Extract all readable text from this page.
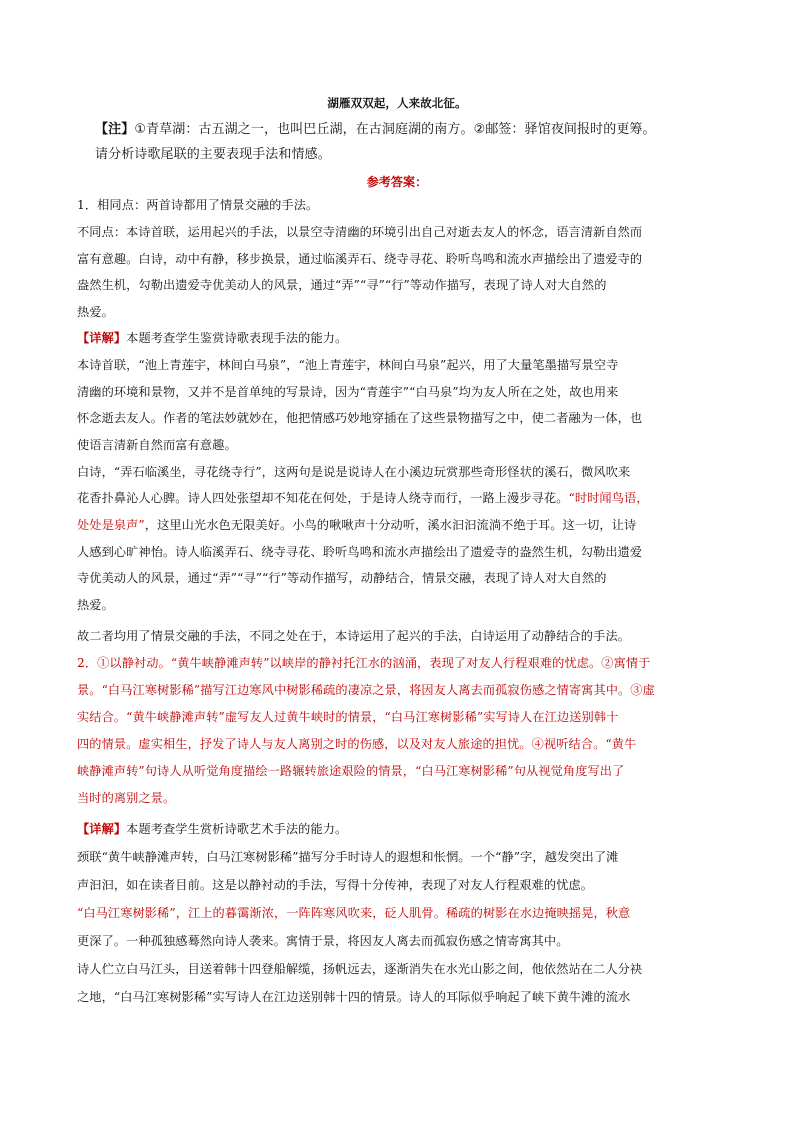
湖雁双双起，人来故北征。
【注】①青草湖：古五湖之一，也叫巴丘湖，在古洞庭湖的南方。②邮签：驿馆夜间报时的更筹。
请分析诗歌尾联的主要表现手法和情感。
参考答案：
1．相同点：两首诗都用了情景交融的手法。
不同点：本诗首联，运用起兴的手法，以景空寺清幽的环境引出自己对逝去友人的怀念，语言清新自然而
富有意趣。白诗，动中有静，移步换景，通过临溪弄石、绕寺寻花、聆听鸟鸣和流水声描绘出了遗爱寺的
盎然生机，勾勒出遗爱寺优美动人的风景，通过“弄”“寻”“行”等动作描写，表现了诗人对大自然的
热爱。
【详解】本题考查学生鉴赏诗歌表现手法的能力。
本诗首联，“池上青莲宇，林间白马泉”，“池上青莲宇，林间白马泉”起兴，用了大量笔墨描写景空寺
清幽的环境和景物，又并不是首单纯的写景诗，因为“青莲宇”“白马泉”均为友人所在之处，故也用来
怀念逝去友人。作者的笔法妙就妙在，他把情感巧妙地穿插在了这些景物描写之中，使二者融为一体，也
使语言清新自然而富有意趣。
白诗，“弄石临溪坐，寻花绕寺行”，这两句是说是说诗人在小溪边玩赏那些奇形怪状的溪石，微风吹来
花香扑鼻沁人心脾。诗人四处张望却不知花在何处，于是诗人绕寺而行，一路上漫步寻花。“时时闻鸟语，
处处是泉声”，这里山光水色无限美好。小鸟的啾啾声十分动听，溪水汩汩流淌不绝于耳。这一切，让诗
人感到心旷神怡。诗人临溪弄石、绕寺寻花、聆听鸟鸣和流水声描绘出了遗爱寺的盎然生机，勾勒出遗爱
寺优美动人的风景，通过“弄”“寻”“行”等动作描写，动静结合，情景交融，表现了诗人对大自然的
热爱。
故二者均用了情景交融的手法，不同之处在于，本诗运用了起兴的手法，白诗运用了动静结合的手法。
2．①以静衬动。“黄牛峡静滩声转”以峡岸的静衬托江水的汹涌，表现了对友人行程艰难的忧虑。②寓情于
景。“白马江寒树影稀”描写江边寒风中树影稀疏的凄凉之景，将因友人离去而孤寂伤感之情寄寓其中。③虚
实结合。“黄牛峡静滩声转”虚写友人过黄牛峡时的情景，“白马江寒树影稀”实写诗人在江边送别韩十
四的情景。虚实相生，抒发了诗人与友人离别之时的伤感，以及对友人旅途的担忧。④视听结合。“黄牛
峡静滩声转”句诗人从听觉角度描绘一路辗转旅途艰险的情景，“白马江寒树影稀”句从视觉角度写出了
当时的离别之景。
【详解】本题考查学生赏析诗歌艺术手法的能力。
颈联“黄牛峡静滩声转，白马江寒树影稀”描写分手时诗人的遐想和怅惘。一个“静”字，越发突出了滩
声汩汩，如在读者目前。这是以静衬动的手法，写得十分传神，表现了对友人行程艰难的忧虑。
“白马江寒树影稀”，江上的暮霭渐浓，一阵阵寒风吹来，砭人肌骨。稀疏的树影在水边掩映摇晃，秋意
更深了。一种孤独感蓦然向诗人袭来。寓情于景，将因友人离去而孤寂伤感之情寄寓其中。
诗人伫立白马江头，目送着韩十四登船解缆，扬帆远去，逐渐消失在水光山影之间，他依然站在二人分袂
之地，“白马江寒树影稀”实写诗人在江边送别韩十四的情景。诗人的耳际似乎响起了峡下黄牛滩的流水
